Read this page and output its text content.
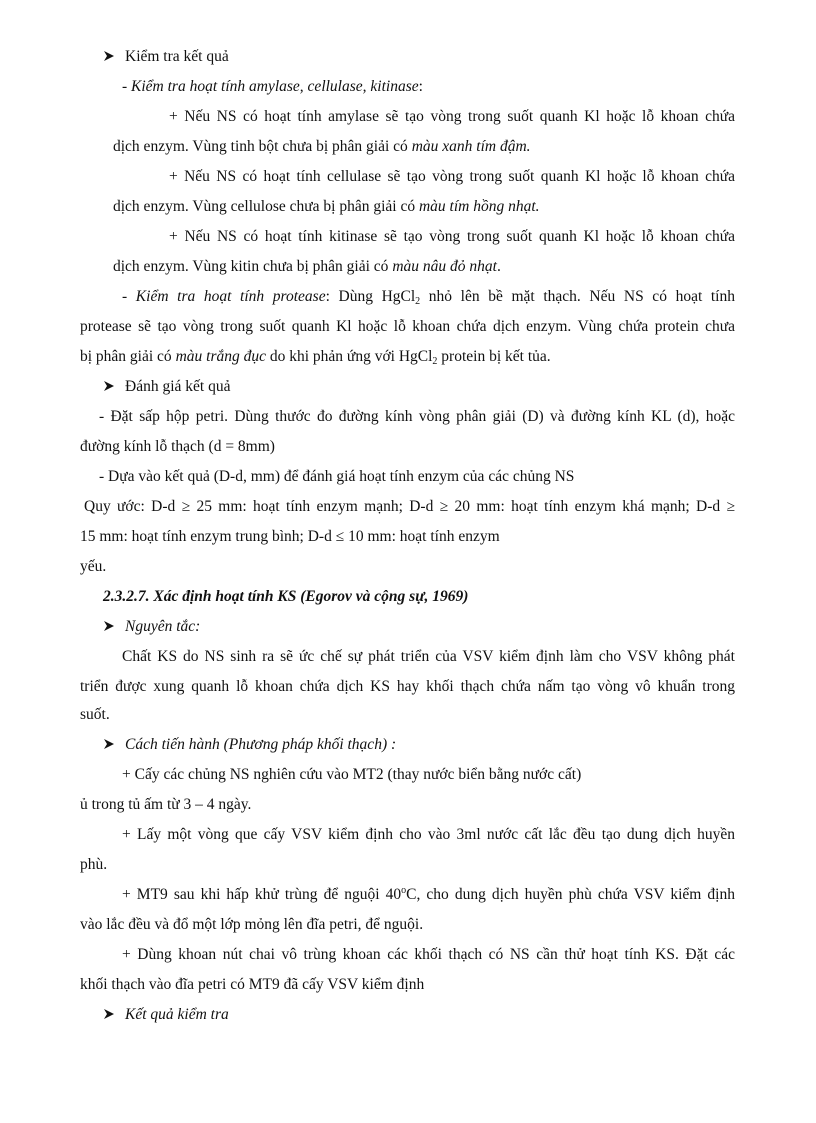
Kiểm tra kết quả
- Kiểm tra hoạt tính amylase, cellulase, kitinase:
+ Nếu NS có hoạt tính amylase sẽ tạo vòng trong suốt quanh Kl hoặc lỗ khoan chứa
dịch enzym. Vùng tinh bột chưa bị phân giải có màu xanh tím đậm.
+ Nếu NS có hoạt tính cellulase sẽ tạo vòng trong suốt quanh Kl hoặc lỗ khoan chứa
dịch enzym. Vùng cellulose chưa bị phân giải có màu tím hồng nhạt.
+ Nếu NS có hoạt tính kitinase sẽ tạo vòng trong suốt quanh Kl hoặc lỗ khoan chứa
dịch enzym. Vùng kitin chưa bị phân giải có màu nâu đỏ nhạt.
- Kiểm tra hoạt tính protease: Dùng HgCl$_2$ nhỏ lên bề mặt thạch. Nếu NS có hoạt tính
protease sẽ tạo vòng trong suốt quanh Kl hoặc lỗ khoan chứa dịch enzym. Vùng chứa protein chưa
bị phân giải có màu trắng đục do khi phản ứng với HgCl$_2$ protein bị kết tủa.
Đánh giá kết quả
- Đặt sấp hộp petri. Dùng thước đo đường kính vòng phân giải (D) và đường kính KL (d), hoặc
đường kính lỗ thạch (d = 8mm)
- Dựa vào kết quả (D-d, mm) để đánh giá hoạt tính enzym của các chủng NS
Quy ước: D-d ≥ 25 mm: hoạt tính enzym mạnh; D-d ≥ 20 mm: hoạt tính enzym khá mạnh; D-d ≥
15 mm: hoạt tính enzym trung bình; D-d ≤ 10 mm: hoạt tính enzym
yếu.
2.3.2.7. Xác định hoạt tính KS (Egorov và cộng sự, 1969)
Nguyên tắc:
Chất KS do NS sinh ra sẽ ức chế sự phát triển của VSV kiểm định làm cho VSV không phát
triển được xung quanh lỗ khoan chứa dịch KS hay khối thạch chứa nấm tạo vòng vô khuẩn trong
suốt.
Cách tiến hành (Phương pháp khối thạch) :
+ Cấy các chủng NS nghiên cứu vào MT2 (thay nước biển bằng nước cất)
ủ trong tủ ấm từ 3 – 4 ngày.
+ Lấy một vòng que cấy VSV kiểm định cho vào 3ml nước cất lắc đều tạo dung dịch huyền
phù.
+ MT9 sau khi hấp khử trùng để nguội 40$^o$C, cho dung dịch huyền phù chứa VSV kiểm định
vào lắc đều và đổ một lớp mỏng lên đĩa petri, để nguội.
+ Dùng khoan nút chai vô trùng khoan các khối thạch có NS cần thử hoạt tính KS. Đặt các
khối thạch vào đĩa petri có MT9 đã cấy VSV kiểm định
Kết quả kiểm tra
